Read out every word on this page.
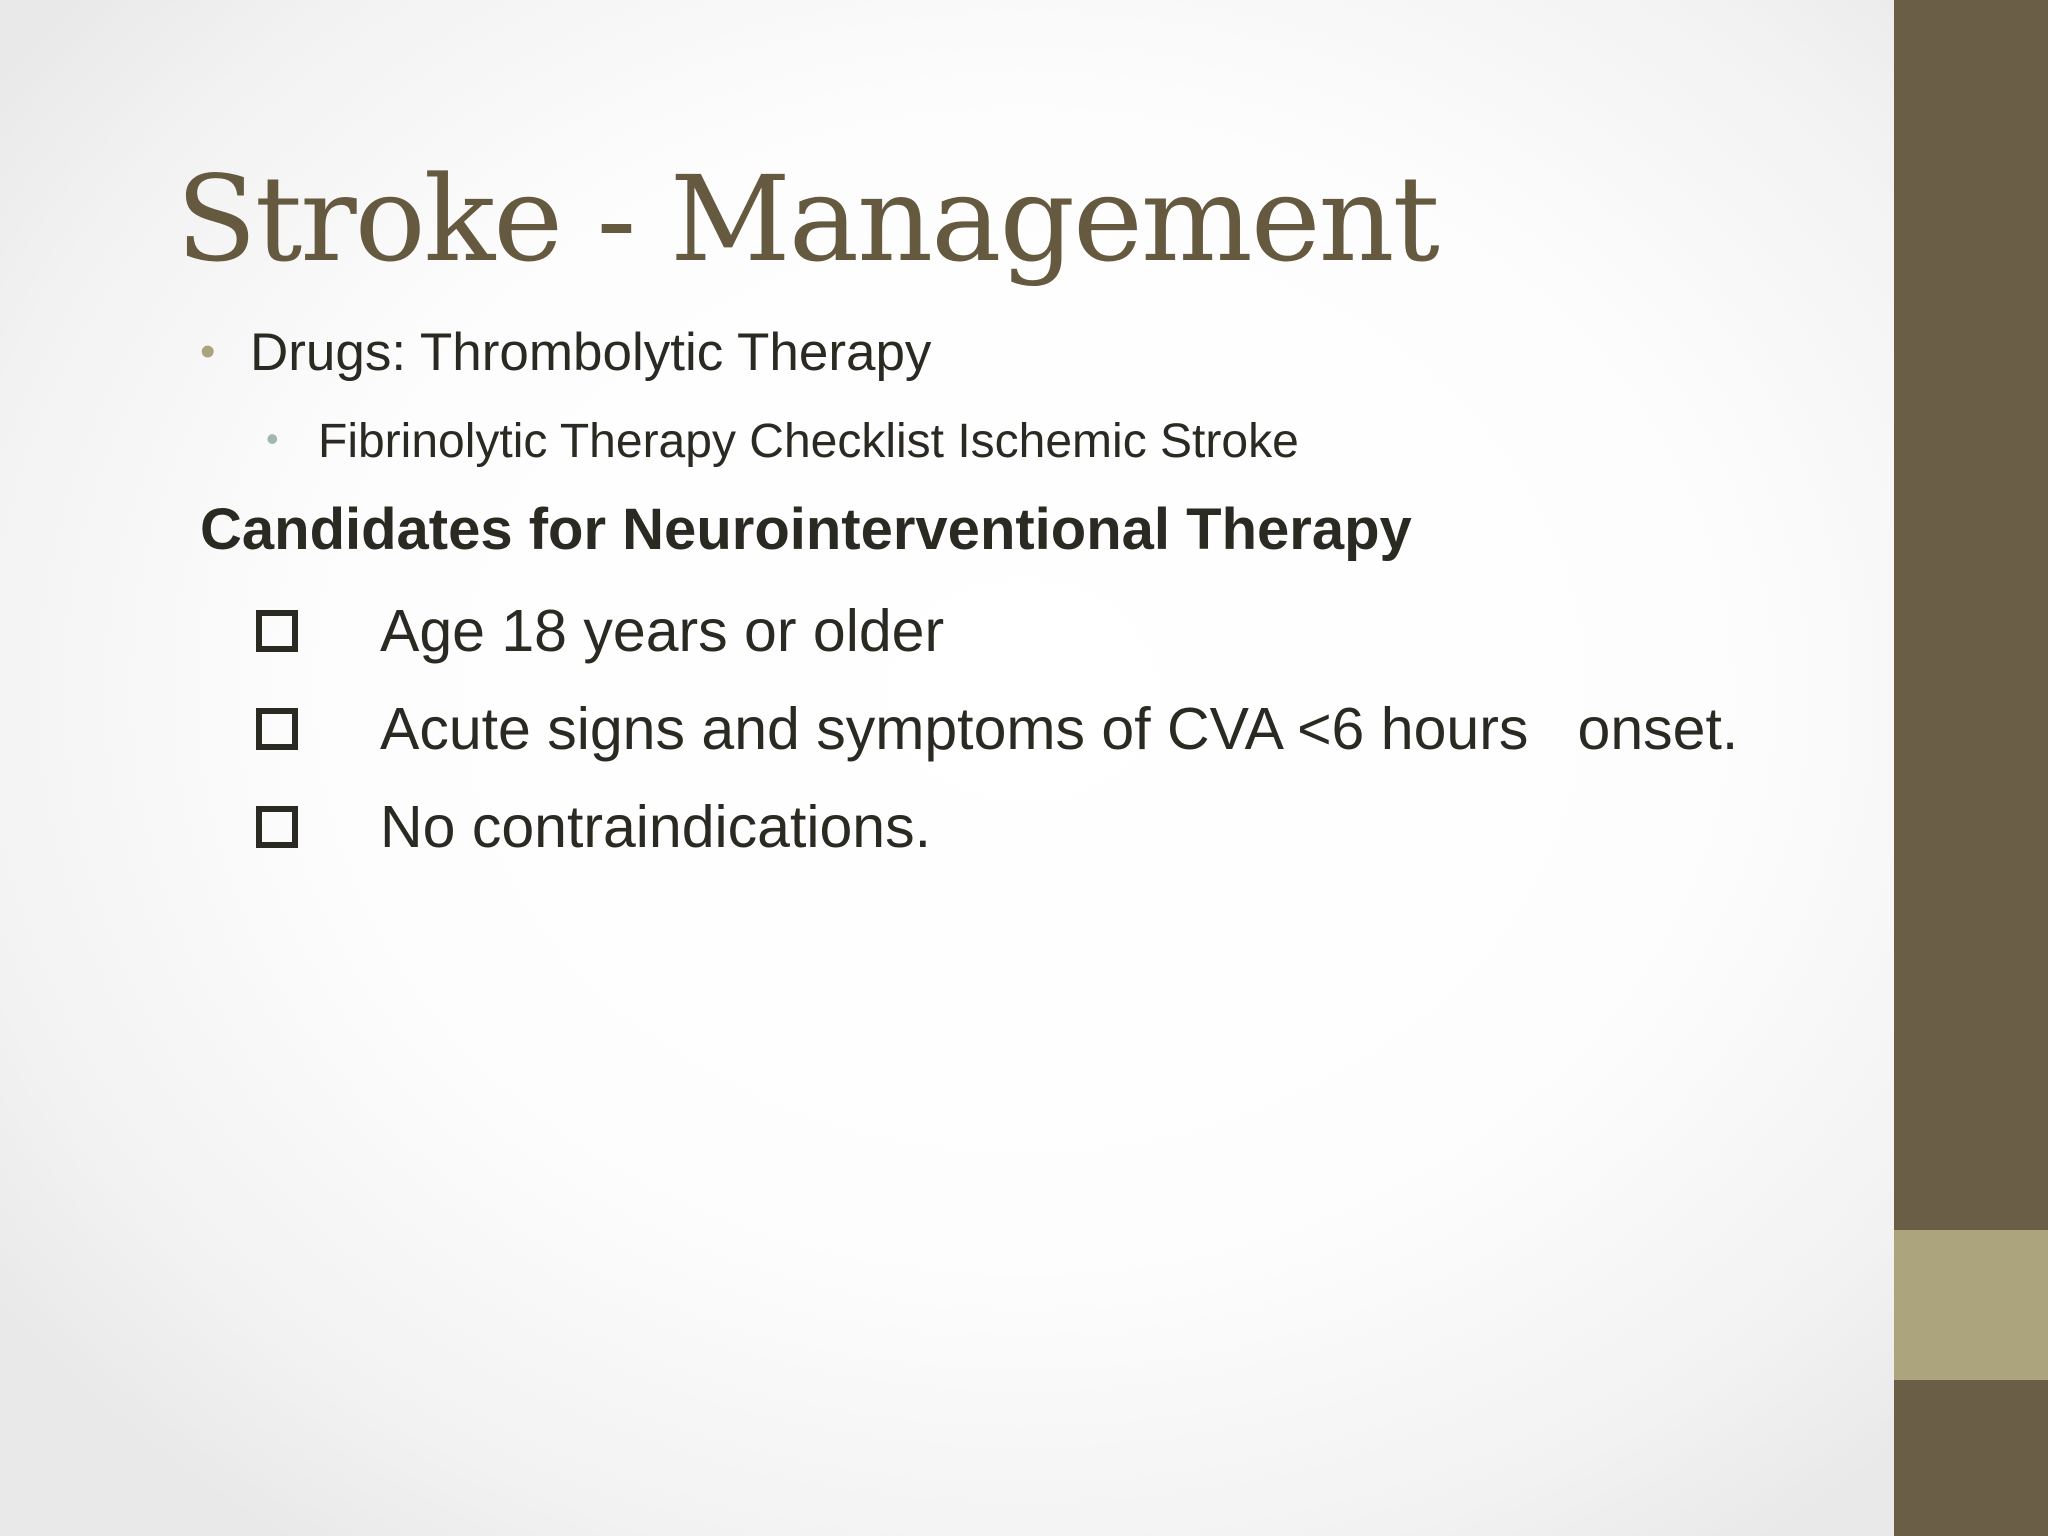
Stroke - Management
• Drugs: Thrombolytic Therapy
• Fibrinolytic Therapy Checklist Ischemic Stroke
Candidates for Neurointerventional Therapy
Age 18 years or older
Acute signs and symptoms of CVA <6 hours   onset.
No contraindications.
